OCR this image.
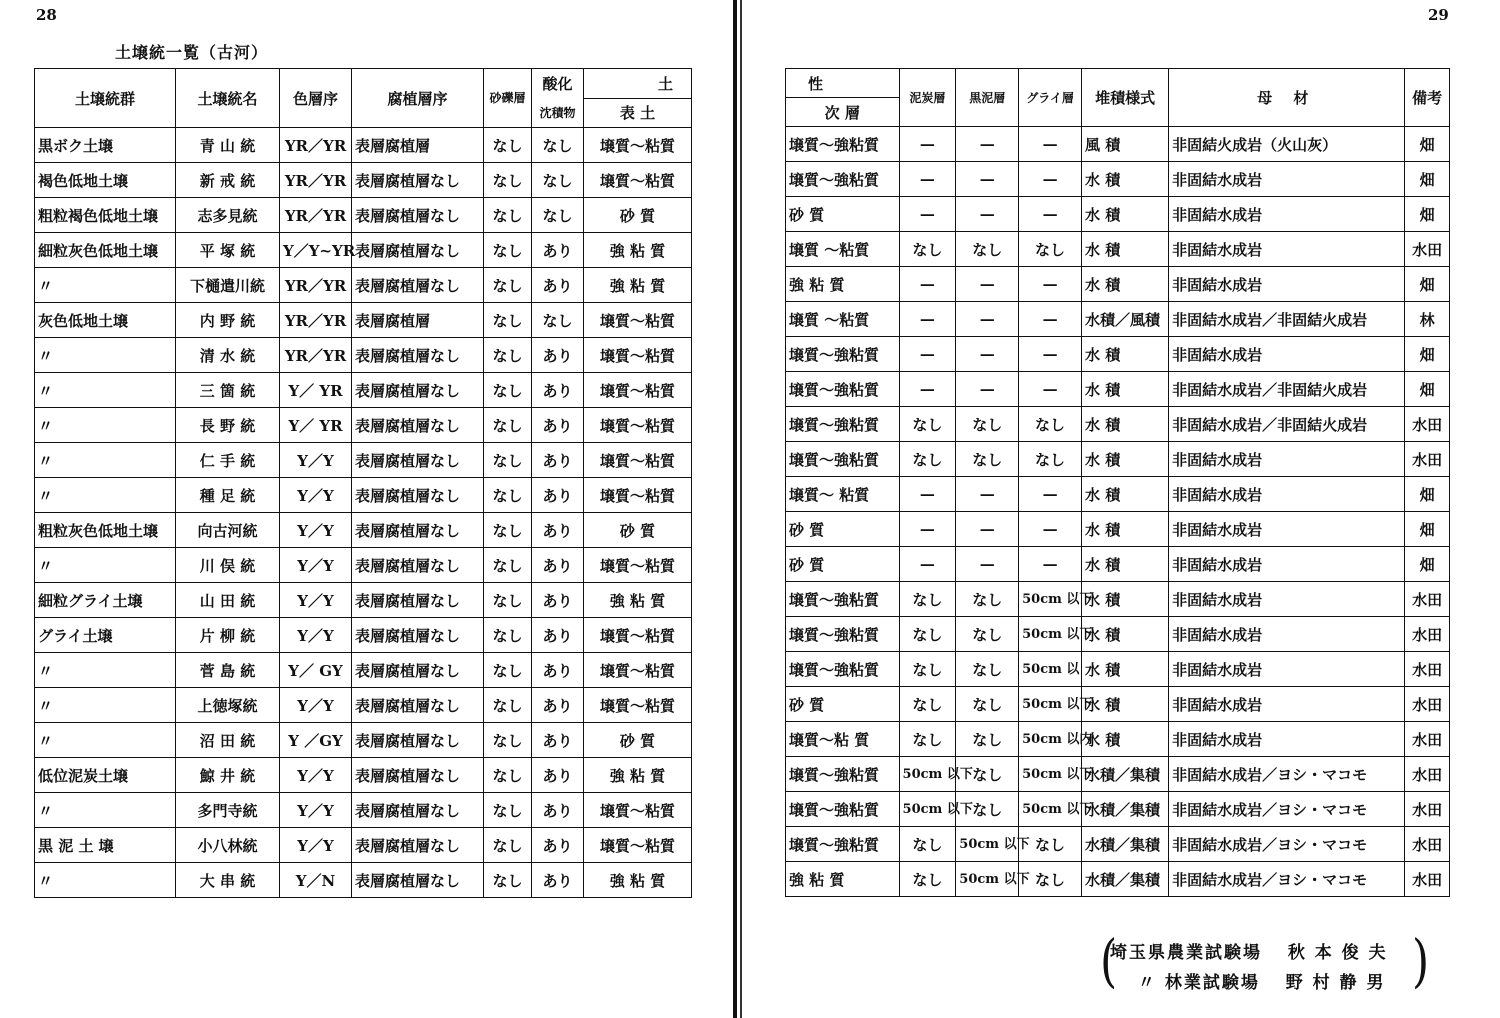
28	29
土壌統一覧（古河）
土壌統群	土壌統名	色層序	腐植層序	砂礫層	酸化	土
					沈積物	表 土
黒ボク土壌	青 山 統	YR／YR	表層腐植層	なし	なし	壌質～粘質
褐色低地土壌	新 戒 統	YR／YR	表層腐植層なし	なし	なし	壌質～粘質
粗粒褐色低地土壌	志多見統	YR／YR	表層腐植層なし	なし	なし	砂 質
細粒灰色低地土壌	平 塚 統	Y／Y~YR	表層腐植層なし	なし	あり	強 粘 質
〃	下樋遣川統	YR／YR	表層腐植層なし	なし	あり	強 粘 質
灰色低地土壌	内 野 統	YR／YR	表層腐植層	なし	なし	壌質～粘質
〃	清 水 統	YR／YR	表層腐植層なし	なし	あり	壌質～粘質
〃	三 箇 統	Y／ YR	表層腐植層なし	なし	あり	壌質～粘質
〃	長 野 統	Y／ YR	表層腐植層なし	なし	あり	壌質～粘質
〃	仁 手 統	Y／Y	表層腐植層なし	なし	あり	壌質～粘質
〃	種 足 統	Y／Y	表層腐植層なし	なし	あり	壌質～粘質
粗粒灰色低地土壌	向古河統	Y／Y	表層腐植層なし	なし	あり	砂 質
〃	川 俣 統	Y／Y	表層腐植層なし	なし	あり	壌質～粘質
細粒グライ土壌	山 田 統	Y／Y	表層腐植層なし	なし	あり	強 粘 質
グライ土壌	片 柳 統	Y／Y	表層腐植層なし	なし	あり	壌質～粘質
〃	菅 島 統	Y／ GY	表層腐植層なし	なし	あり	壌質～粘質
〃	上徳塚統	Y／Y	表層腐植層なし	なし	あり	壌質～粘質
〃	沼 田 統	Y ／GY	表層腐植層なし	なし	あり	砂 質
低位泥炭土壌	鯨 井 統	Y／Y	表層腐植層なし	なし	あり	強 粘 質
〃	多門寺統	Y／Y	表層腐植層なし	なし	あり	壌質～粘質
黒 泥 土 壌	小八林統	Y／Y	表層腐植層なし	なし	あり	壌質～粘質
〃	大 串 統	Y／N	表層腐植層なし	なし	あり	強 粘 質
性	泥炭層	黒泥層	グライ層	堆積様式	母 材	備考
次 層						
壌質～強粘質	—	—	—	風 積	非固結火成岩（火山灰）	畑
壌質～強粘質	—	—	—	水 積	非固結水成岩	畑
砂 質	—	—	—	水 積	非固結水成岩	畑
壌質 ～粘質	なし	なし	なし	水 積	非固結水成岩	水田
強 粘 質	—	—	—	水 積	非固結水成岩	畑
壌質 ～粘質	—	—	—	水積／風積	非固結水成岩／非固結火成岩	林
壌質～強粘質	—	—	—	水 積	非固結水成岩	畑
壌質～強粘質	—	—	—	水 積	非固結水成岩／非固結火成岩	畑
壌質～強粘質	なし	なし	なし	水 積	非固結水成岩／非固結火成岩	水田
壌質～強粘質	なし	なし	なし	水 積	非固結水成岩	水田
壌質～ 粘質	—	—	—	水 積	非固結水成岩	畑
砂 質	—	—	—	水 積	非固結水成岩	畑
砂 質	—	—	—	水 積	非固結水成岩	畑
壌質～強粘質	なし	なし	50cm 以下	水 積	非固結水成岩	水田
壌質～強粘質	なし	なし	50cm 以下	水 積	非固結水成岩	水田
壌質～強粘質	なし	なし	50cm 以	水 積	非固結水成岩	水田
砂 質	なし	なし	50cm 以下	水 積	非固結水成岩	水田
壌質～粘 質	なし	なし	50cm 以内	水 積	非固結水成岩	水田
壌質～強粘質	50cm 以下	なし	50cm 以下	水積／集積	非固結水成岩／ヨシ・マコモ	水田
壌質～強粘質	50cm 以下	なし	50cm 以下	水積／集積	非固結水成岩／ヨシ・マコモ	水田
壌質～強粘質	なし	50cm 以下	なし	水積／集積	非固結水成岩／ヨシ・マコモ	水田
強 粘 質	なし	50cm 以下	なし	水積／集積	非固結水成岩／ヨシ・マコモ	水田
(	)
埼玉県農業試験場 秋 本 俊 夫
〃 林業試験場 野 村 静 男
